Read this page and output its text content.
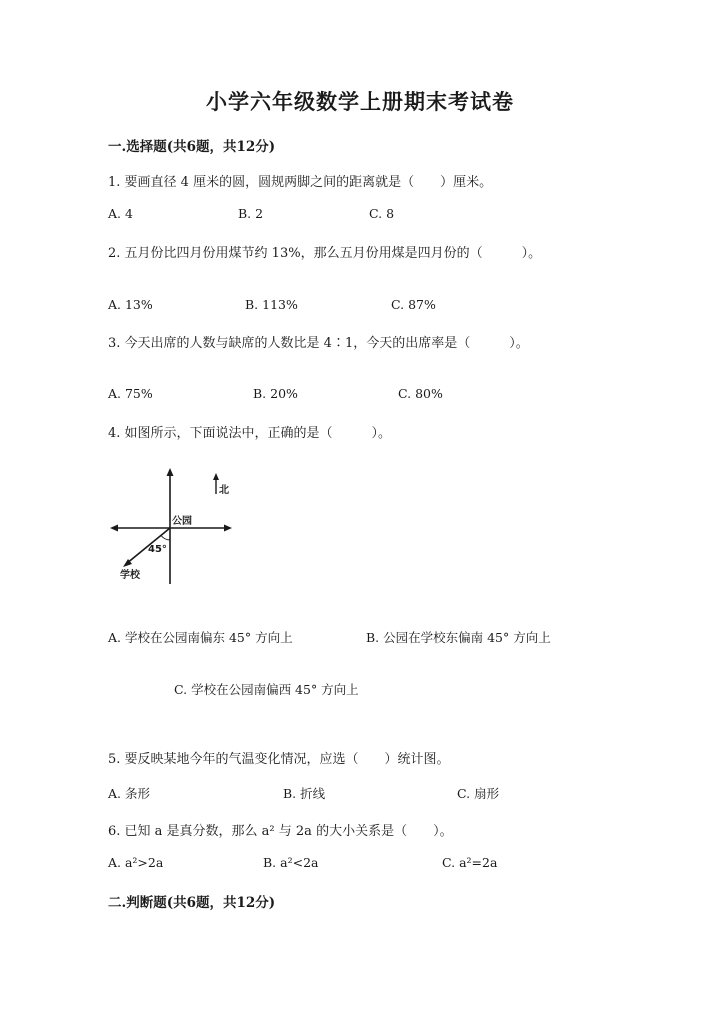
小学六年级数学上册期末考试卷
一.选择题(共6题，共12分)
1. 要画直径 4 厘米的圆，圆规两脚之间的距离就是（　　）厘米。
A. 4	B. 2	C. 8
2. 五月份比四月份用煤节约 13%，那么五月份用煤是四月份的（　　　）。
A. 13%	B. 113%	C. 87%
3. 今天出席的人数与缺席的人数比是 4∶1，今天的出席率是（　　　）。
A. 75%	B. 20%	C. 80%
4. 如图所示，下面说法中，正确的是（　　　）。
北
公园
45°
学校
A. 学校在公园南偏东 45° 方向上	B. 公园在学校东偏南 45° 方向上
C. 学校在公园南偏西 45° 方向上
5. 要反映某地今年的气温变化情况，应选（　　）统计图。
A. 条形	B. 折线	C. 扇形
6. 已知 a 是真分数，那么 a² 与 2a 的大小关系是（　　）。
A. a²>2a	B. a²<2a	C. a²=2a
二.判断题(共6题，共12分)
